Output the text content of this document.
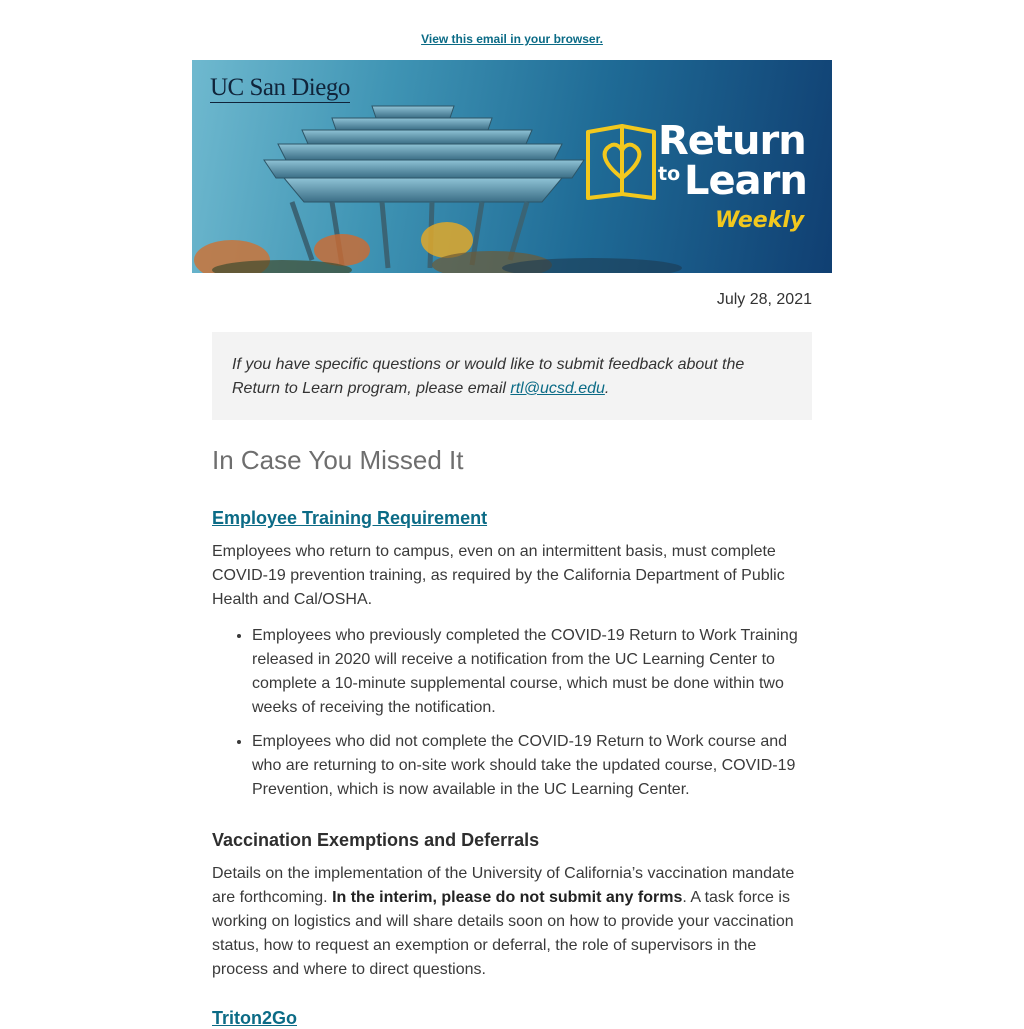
View this email in your browser.
UC San Diego
Return
to Learn
Weekly
July 28, 2021
If you have specific questions or would like to submit feedback about the Return to Learn program, please email rtl@ucsd.edu.
In Case You Missed It
Employee Training Requirement

Employees who return to campus, even on an intermittent basis, must complete COVID-19 prevention training, as required by the California Department of Public Health and Cal/OSHA.

• Employees who previously completed the COVID-19 Return to Work Training released in 2020 will receive a notification from the UC Learning Center to complete a 10-minute supplemental course, which must be done within two weeks of receiving the notification.
• Employees who did not complete the COVID-19 Return to Work course and who are returning to on-site work should take the updated course, COVID-19 Prevention, which is now available in the UC Learning Center.
Vaccination Exemptions and Deferrals

Details on the implementation of the University of California’s vaccination mandate are forthcoming. In the interim, please do not submit any forms. A task force is working on logistics and will share details soon on how to provide your vaccination status, how to request an exemption or deferral, the role of supervisors in the process and where to direct questions.

Triton2Go
